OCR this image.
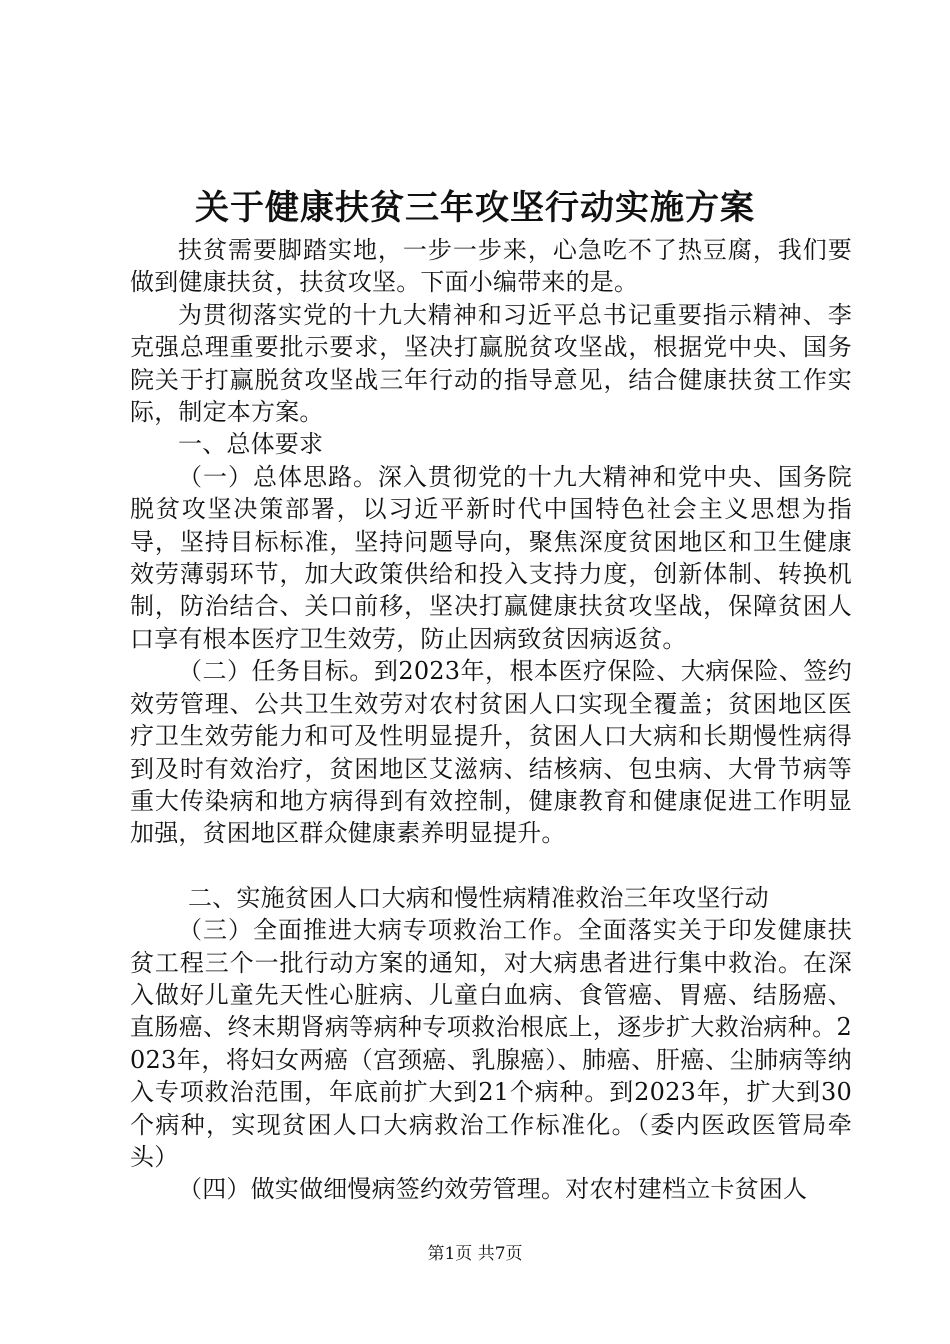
关于健康扶贫三年攻坚行动实施方案

扶贫需要脚踏实地，一步一步来，心急吃不了热豆腐，我们要做到健康扶贫，扶贫攻坚。下面小编带来的是。

为贯彻落实党的十九大精神和习近平总书记重要指示精神、李克强总理重要批示要求，坚决打赢脱贫攻坚战，根据党中央、国务院关于打赢脱贫攻坚战三年行动的指导意见，结合健康扶贫工作实际，制定本方案。

一、总体要求

（一）总体思路。深入贯彻党的十九大精神和党中央、国务院脱贫攻坚决策部署，以习近平新时代中国特色社会主义思想为指导，坚持目标标准，坚持问题导向，聚焦深度贫困地区和卫生健康效劳薄弱环节，加大政策供给和投入支持力度，创新体制、转换机制，防治结合、关口前移，坚决打赢健康扶贫攻坚战，保障贫困人口享有根本医疗卫生效劳，防止因病致贫因病返贫。

（二）任务目标。到2023年，根本医疗保险、大病保险、签约效劳管理、公共卫生效劳对农村贫困人口实现全覆盖；贫困地区医疗卫生效劳能力和可及性明显提升，贫困人口大病和长期慢性病得到及时有效治疗，贫困地区艾滋病、结核病、包虫病、大骨节病等重大传染病和地方病得到有效控制，健康教育和健康促进工作明显加强，贫困地区群众健康素养明显提升。

二、实施贫困人口大病和慢性病精准救治三年攻坚行动

（三）全面推进大病专项救治工作。全面落实关于印发健康扶贫工程三个一批行动方案的通知，对大病患者进行集中救治。在深入做好儿童先天性心脏病、儿童白血病、食管癌、胃癌、结肠癌、直肠癌、终末期肾病等病种专项救治根底上，逐步扩大救治病种。2023年，将妇女两癌（宫颈癌、乳腺癌）、肺癌、肝癌、尘肺病等纳入专项救治范围，年底前扩大到21个病种。到2023年，扩大到30个病种，实现贫困人口大病救治工作标准化。（委内医政医管局牵头）

（四）做实做细慢病签约效劳管理。对农村建档立卡贫困人

第1页 共7页
